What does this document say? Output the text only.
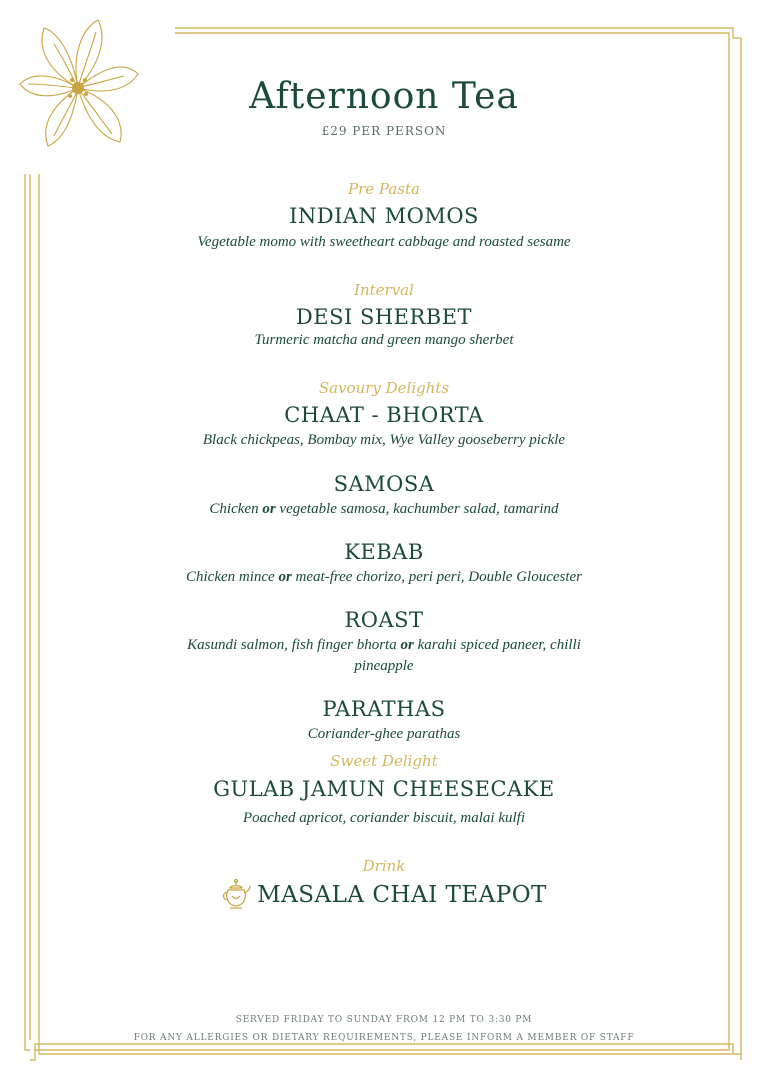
Afternoon Tea
£29 PER PERSON
Pre Pasta
INDIAN MOMOS
Vegetable momo with sweetheart cabbage and roasted sesame
Interval
DESI SHERBET
Turmeric matcha and green mango sherbet
Savoury Delights
CHAAT - BHORTA
Black chickpeas, Bombay mix, Wye Valley gooseberry pickle
SAMOSA
Chicken or vegetable samosa, kachumber salad, tamarind
KEBAB
Chicken mince or meat-free chorizo, peri peri, Double Gloucester
ROAST
Kasundi salmon, fish finger bhorta or karahi spiced paneer, chilli pineapple
PARATHAS
Coriander-ghee parathas
Sweet Delight
GULAB JAMUN CHEESECAKE
Poached apricot, coriander biscuit, malai kulfi
Drink
MASALA CHAI TEAPOT
SERVED FRIDAY TO SUNDAY FROM 12 PM TO 3:30 PM
FOR ANY ALLERGIES OR DIETARY REQUIREMENTS, PLEASE INFORM A MEMBER OF STAFF
